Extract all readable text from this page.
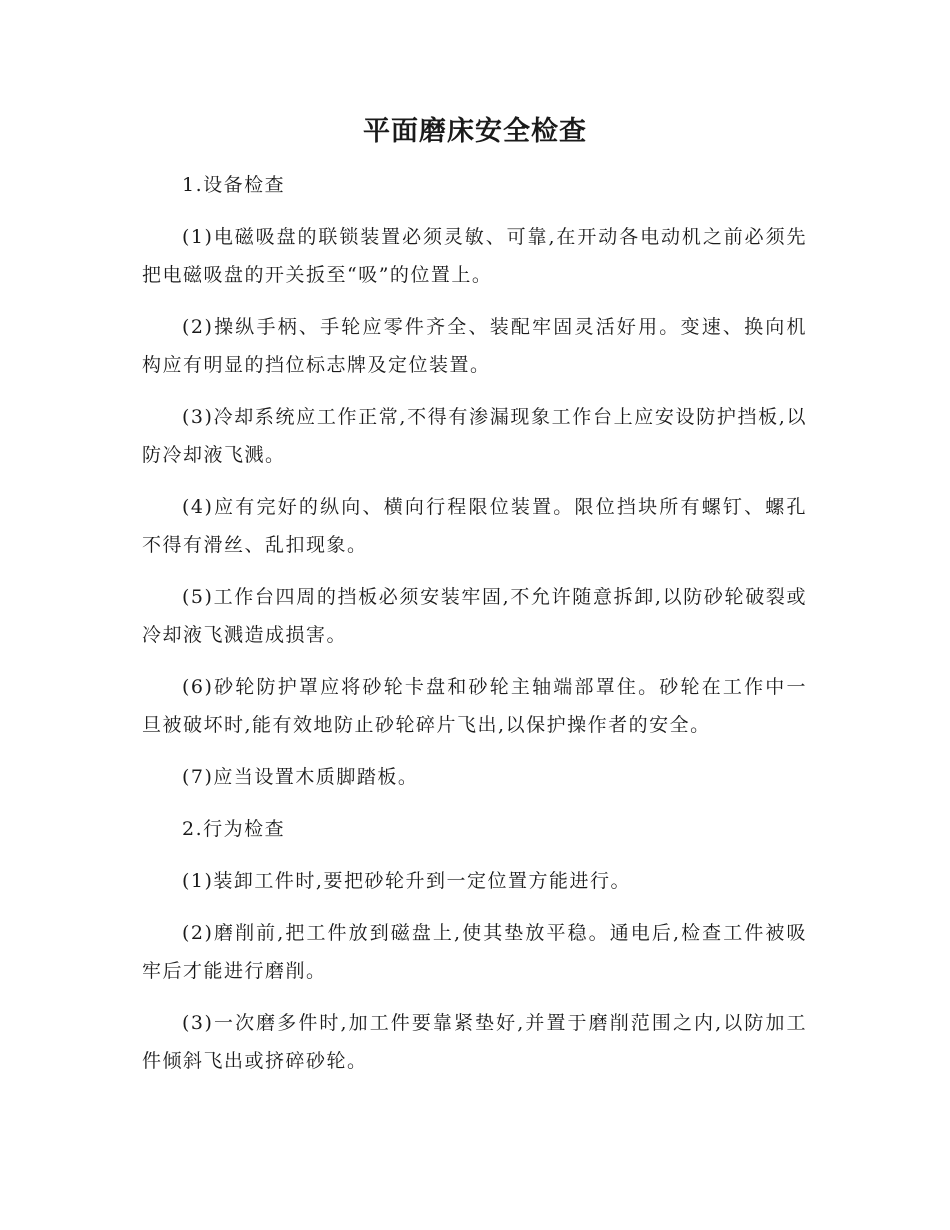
平面磨床安全检查

1.设备检查

(1)电磁吸盘的联锁装置必须灵敏、可靠,在开动各电动机之前必须先把电磁吸盘的开关扳至“吸”的位置上。

(2)操纵手柄、手轮应零件齐全、装配牢固灵活好用。变速、换向机构应有明显的挡位标志牌及定位装置。

(3)冷却系统应工作正常,不得有渗漏现象工作台上应安设防护挡板,以防冷却液飞溅。

(4)应有完好的纵向、横向行程限位装置。限位挡块所有螺钉、螺孔不得有滑丝、乱扣现象。

(5)工作台四周的挡板必须安装牢固,不允许随意拆卸,以防砂轮破裂或冷却液飞溅造成损害。

(6)砂轮防护罩应将砂轮卡盘和砂轮主轴端部罩住。砂轮在工作中一旦被破坏时,能有效地防止砂轮碎片飞出,以保护操作者的安全。

(7)应当设置木质脚踏板。

2.行为检查

(1)装卸工件时,要把砂轮升到一定位置方能进行。

(2)磨削前,把工件放到磁盘上,使其垫放平稳。通电后,检查工件被吸牢后才能进行磨削。

(3)一次磨多件时,加工件要靠紧垫好,并置于磨削范围之内,以防加工件倾斜飞出或挤碎砂轮。
